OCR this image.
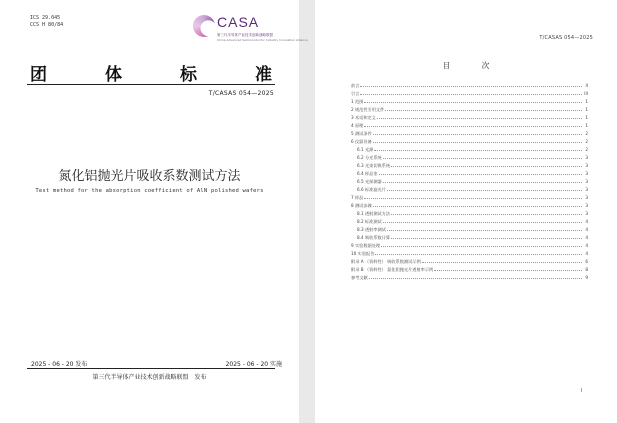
ICS 29.045
CCS H 80/84	CASA
第三代半导体产业技术创新战略联盟
China Advanced Semiconductor Industry Innovation Alliance
团	体	标	准
T/CASAS 054—2025
氮化铝抛光片吸收系数测试方法
Test method for the absorption coefficient of AlN polished wafers
2025 - 06 - 20 发布	2025 - 06 - 20 实施
第三代半导体产业技术创新战略联盟　发布
T/CASAS 054—2025
目　次
前言	II
引言	III
1 范围	1
2 规范性引用文件	1
3 术语和定义	1
4 原理	1
5 测试条件	2
6 仪器设备	2
6.1 光源	2
6.2 分光系统	3
6.3 光束切换系统	3
6.4 样品室	3
6.5 光探测器	3
6.6 标准滤光片	3
7 样品	3
8 测试步骤	3
8.1 透射测试方法	3
8.2 标准测试	4
8.3 透射率测试	4
8.4 吸收系数计算	4
9 实验数据处理	4
10 实验报告	4
附录 A （资料性） 吸收系数测试示例	6
附录 B （资料性） 氮化铝抛光片透射率示例	8
参考文献	9
I
